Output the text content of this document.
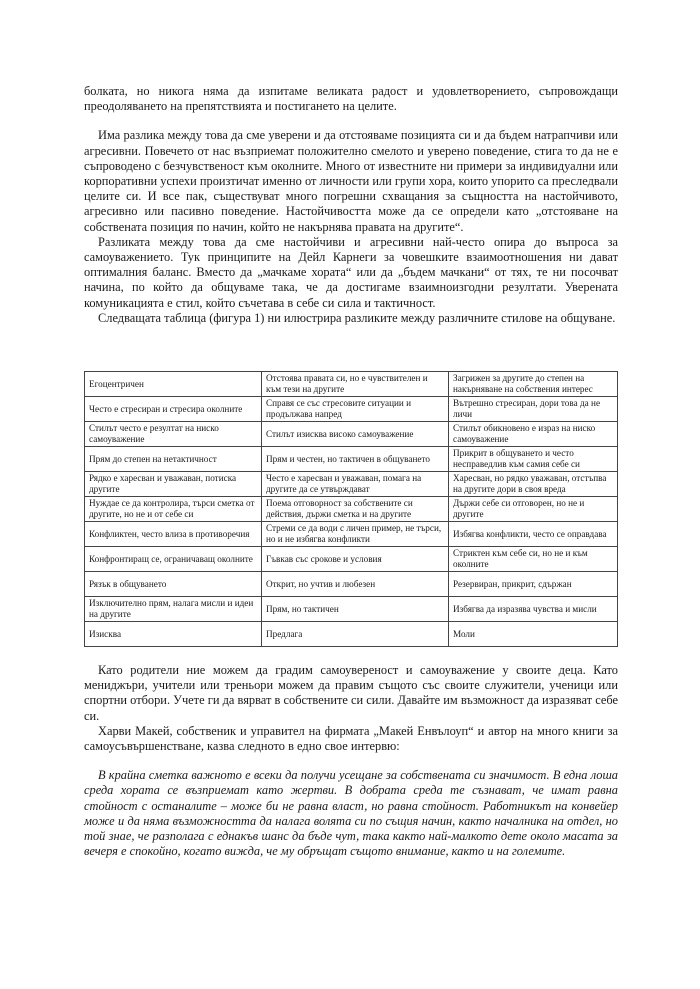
болката, но никога няма да изпитаме великата радост и удовлетворението, съпровождащи преодоляването на препятствията и постигането на целите.

Има разлика между това да сме уверени и да отстояваме позицията си и да бъдем натрапчиви или агресивни. Повечето от нас възприемат положително смелото и уверено поведение, стига то да не е съпроводено с безчувственост към околните. Много от известните ни примери за индивидуални или корпоративни успехи произтичат именно от личности или групи хора, които упорито са преследвали целите си. И все пак, съществуват много погрешни схващания за същността на настойчивото, агресивно или пасивно поведение. Настойчивостта може да се определи като „отстояване на собствената позиция по начин, който не накърнява правата на другите“.

Разликата между това да сме настойчиви и агресивни най-често опира до въпроса за самоуважението. Тук принципите на Дейл Карнеги за човешките взаимоотношения ни дават оптималния баланс. Вместо да „мачкаме хората“ или да „бъдем мачкани“ от тях, те ни посочват начина, по който да общуваме така, че да достигаме взаимноизгодни резултати. Уверената комуникацията е стил, който съчетава в себе си сила и тактичност.

Следващата таблица (фигура 1) ни илюстрира разликите между различните стилове на общуване.

Егоцентричен	Отстоява правата си, но е чувствителен и към тези на другите	Загрижен за другите до степен на накърняване на собствения интерес
Често е стресиран и стресира околните	Справя се със стресовите ситуации и продължава напред	Вътрешно стресиран, дори това да не личи
Стилът често е резултат на ниско самоуважение	Стилът изисква високо самоуважение	Стилът обикновено е израз на ниско самоуважение
Прям до степен на нетактичност	Прям и честен, но тактичен в общуването	Прикрит в общуването и често несправедлив към самия себе си
Рядко е харесван и уважаван, потиска другите	Често е харесван и уважаван, помага на другите да се утвърждават	Харесван, но рядко уважаван, отстъпва на другите дори в своя вреда
Нуждае се да контролира, търси сметка от другите, но не и от себе си	Поема отговорност за собствените си действия, държи сметка и на другите	Държи себе си отговорен, но не и другите
Конфликтен, често влиза в противоречия	Стреми се да води с личен пример, не търси, но и не избягва конфликти	Избягва конфликти, често се оправдава
Конфронтиращ се, ограничаващ околните	Гъвкав със срокове и условия	Стриктен към себе си, но не и към околните
Рязък в общуването	Открит, но учтив и любезен	Резервиран, прикрит, сдържан
Изключително прям, налага мисли и идеи на другите	Прям, но тактичен	Избягва да изразява чувства и мисли
Изисква	Предлага	Моли

Като родители ние можем да градим самоувереност и самоуважение у своите деца. Като мениджъри, учители или треньори можем да правим същото със своите служители, ученици или спортни отбори. Учете ги да вярват в собствените си сили. Давайте им възможност да изразяват себе си.

Харви Макей, собственик и управител на фирмата „Макей Енвълоуп“ и автор на много книги за самоусъвършенстване, казва следното в едно свое интервю:

В крайна сметка важното е всеки да получи усещане за собствената си значимост. В една лоша среда хората се възприемат като жертви. В добрата среда те съзнават, че имат равна стойност с останалите – може би не равна власт, но равна стойност. Работникът на конвейер може и да няма възможността да налага волята си по същия начин, както началника на отдел, но той знае, че разполага с еднакъв шанс да бъде чут, така както най-малкото дете около масата за вечеря е спокойно, когато вижда, че му обръщат същото внимание, както и на големите.
